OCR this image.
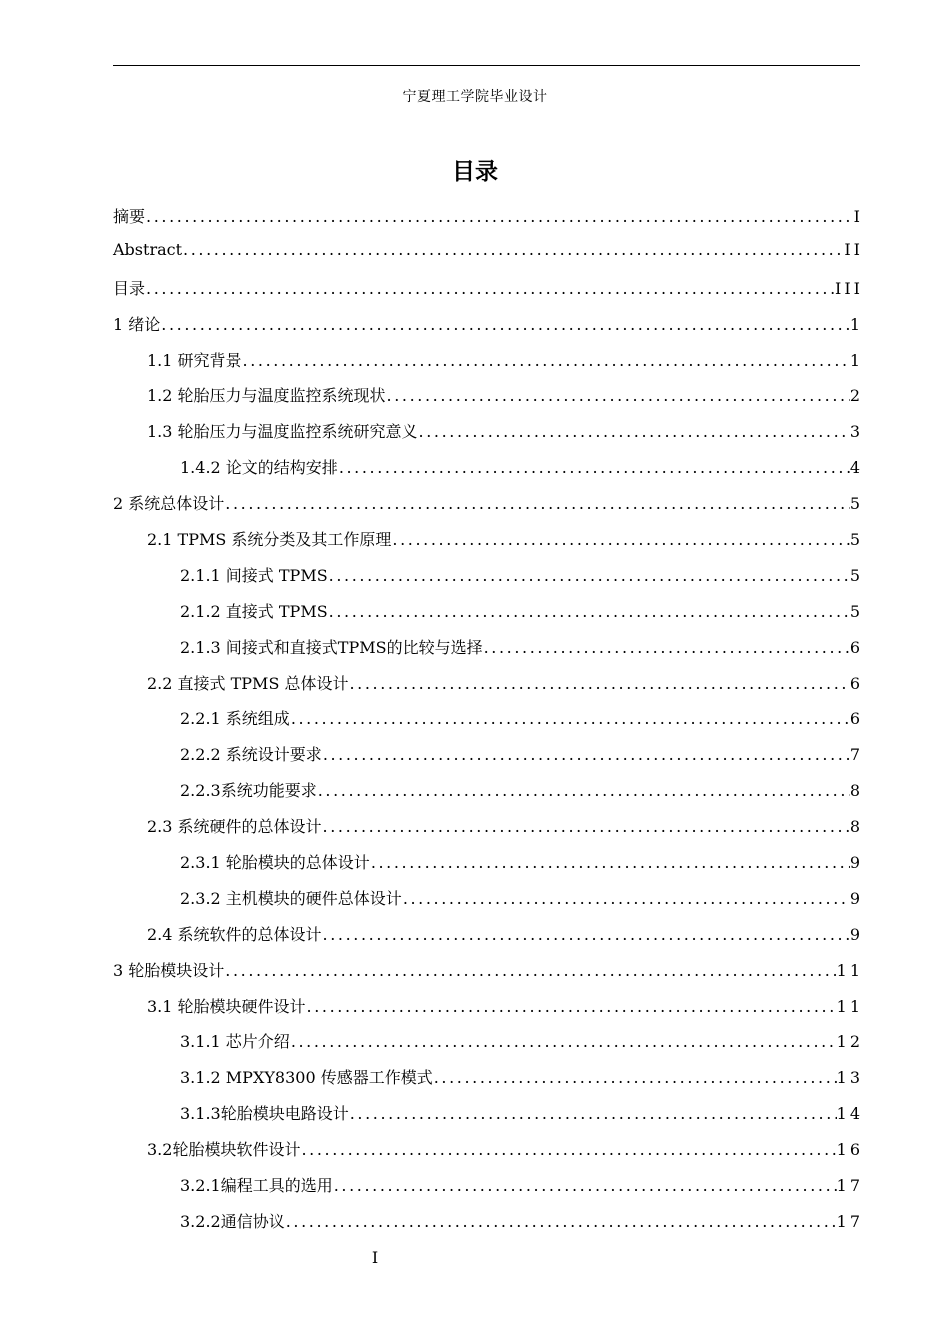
宁夏理工学院毕业设计
目录
摘要 .....	I
Abstract .....	II
目录 .....	III
1 绪论 .....	1
1.1 研究背景 .....	1
1.2 轮胎压力与温度监控系统现状 .....	2
1.3 轮胎压力与温度监控系统研究意义 .....	3
1.4.2 论文的结构安排 .....	4
2 系统总体设计 .....	5
2.1 TPMS 系统分类及其工作原理 .....	5
2.1.1 间接式 TPMS .....	5
2.1.2 直接式 TPMS .....	5
2.1.3 间接式和直接式TPMS的比较与选择 .....	6
2.2 直接式 TPMS 总体设计 .....	6
2.2.1 系统组成 .....	6
2.2.2 系统设计要求 .....	7
2.2.3系统功能要求 .....	8
2.3 系统硬件的总体设计 .....	8
2.3.1 轮胎模块的总体设计 .....	9
2.3.2 主机模块的硬件总体设计 .....	9
2.4 系统软件的总体设计 .....	9
3 轮胎模块设计 .....	11
3.1 轮胎模块硬件设计 .....	11
3.1.1 芯片介绍 .....	12
3.1.2 MPXY8300 传感器工作模式 .....	13
3.1.3轮胎模块电路设计 .....	14
3.2轮胎模块软件设计 .....	16
3.2.1编程工具的选用 .....	17
3.2.2通信协议 .....	17
I
